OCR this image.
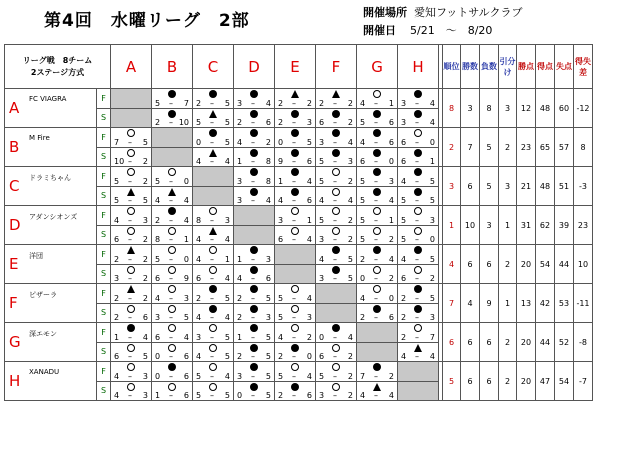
第4回　水曜リーグ　2部	開催場所 愛知フットサルクラブ
開催日 5/21　～　8/20
リーグ戦　8チーム
2ステージ方式		A	B	C	D	E	F	G	H		順位	勝数	負数	引分け	勝点	得点	失点	得失差

A FC VIAGRA	F		5 – 7	2 – 5	3 – 4	2 – 2	2 – 2	4 – 1	3 – 4		8	3	8	3	12	48	60	-12
	S		2 – 10	5 – 5	2 – 6	2 – 3	6 – 2	5 – 6	3 – 4									

B M Fire	F	7 – 5		0 – 5	4 – 2	0 – 5	3 – 4	4 – 6	6 – 0		2	7	5	2	23	65	57	8
	S	10 – 2		4 – 4	1 – 8	9 – 6	5 – 3	6 – 0	6 – 1									

C ドラミちゃん	F	5 – 2	5 – 0		3 – 8	1 – 4	5 – 2	5 – 3	4 – 5		3	6	5	3	21	48	51	-3
	S	5 – 5	4 – 4		3 – 4	4 – 6	4 – 4	5 – 4	5 – 5									

D アダンシオンズ	F	4 – 3	2 – 4	8 – 3		3 – 1	5 – 2	5 – 1	5 – 3		1	10	3	1	31	62	39	23
	S	6 – 2	8 – 1	4 – 4		6 – 4	3 – 2	5 – 2	5 – 0									

E 洋団	F	2 – 2	5 – 0	4 – 1	1 – 3		4 – 5	2 – 4	4 – 5		4	6	6	2	20	54	44	10
	S	3 – 2	6 – 9	6 – 4	4 – 6		3 – 5	0 – 2	6 – 2									

F ピザーラ	F	2 – 2	4 – 3	2 – 5	2 – 5	5 – 4		4 – 0	2 – 5		7	4	9	1	13	42	53	-11
	S	2 – 6	3 – 5	4 – 4	2 – 3	5 – 3		2 – 6	2 – 3									

G 深エモン	F	1 – 4	6 – 4	3 – 5	1 – 5	4 – 2	0 – 4		2 – 7		6	6	6	2	20	44	52	-8
	S	6 – 5	0 – 6	4 – 5	2 – 5	2 – 0	6 – 2		4 – 4									

H XANADU	F	4 – 3	0 – 6	5 – 4	3 – 5	5 – 4	5 – 2	7 – 2			5	6	6	2	20	47	54	-7
	S	4 – 3	1 – 6	5 – 5	0 – 5	2 – 6	3 – 2	4 – 4										
